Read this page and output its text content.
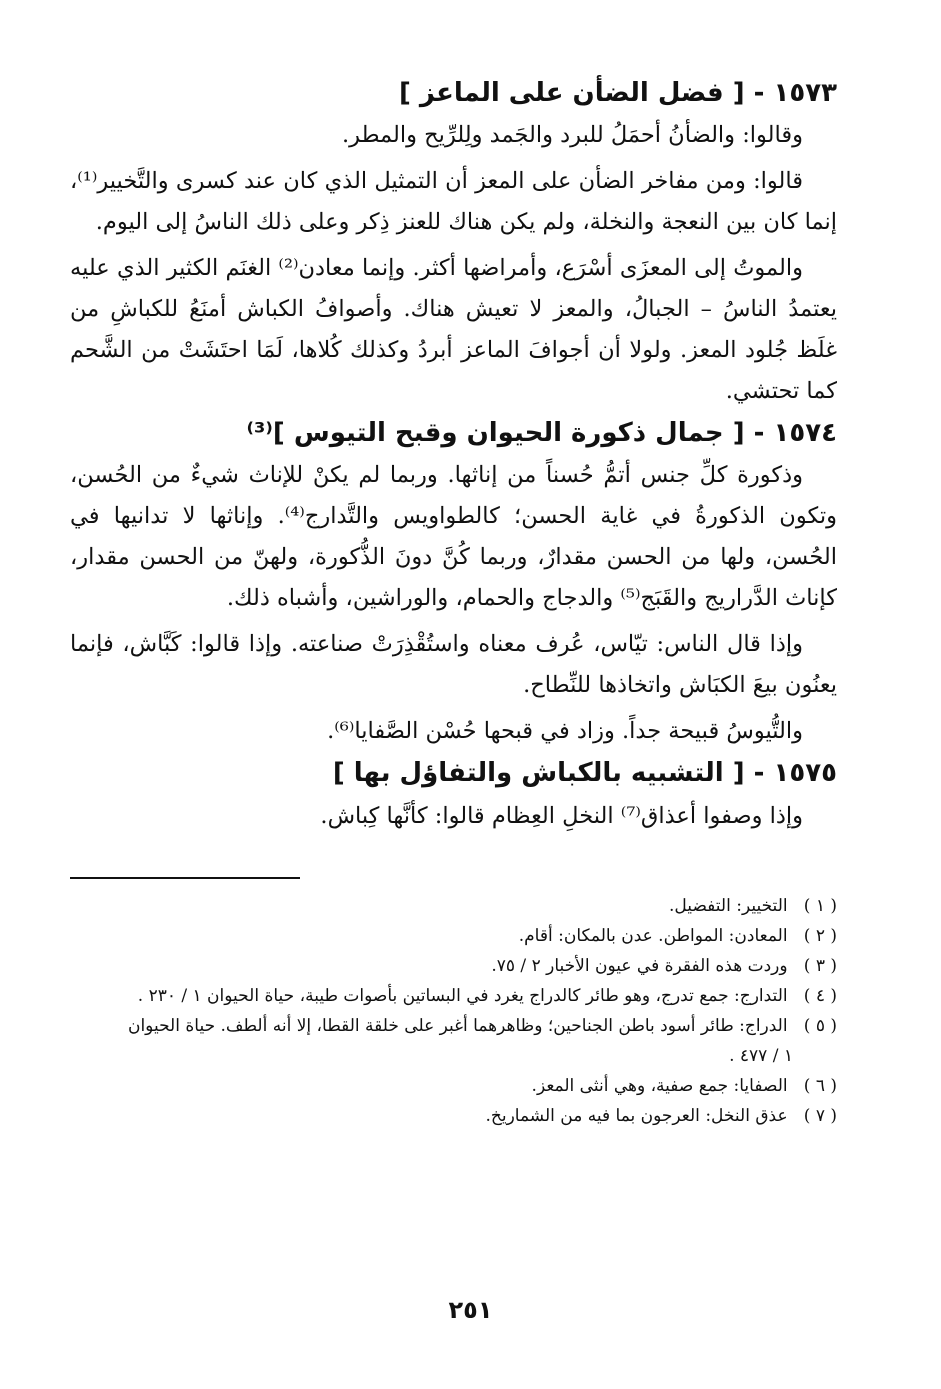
١٥٧٣ - [ فضل الضأن على الماعز ]

وقالوا: والضأنُ أحمَلُ للبرد والجَمد ولِلرِّيح والمطر.

قالوا: ومن مفاخر الضأن على المعز أن التمثيل الذي كان عند كسرى والتَّخيير⁽¹⁾، إنما كان بين النعجة والنخلة، ولم يكن هناك للعنز ذِكر وعلى ذلك الناسُ إلى اليوم.

والموتُ إلى المعزَى أسْرَع، وأمراضها أكثر. وإنما معادن⁽²⁾ الغنَم الكثير الذي عليه يعتمدُ الناسُ – الجبالُ، والمعز لا تعيش هناك. وأصوافُ الكباش أمنَعُ للكباشِ من غلَظ جُلود المعز. ولولا أن أجوافَ الماعز أبردُ وكذلك كُلاها، لَمَا احتَشَتْ من الشَّحم كما تحتشي.

١٥٧٤ - [ جمال ذكورة الحيوان وقبح التيوس ]⁽³⁾

وذكورة كلِّ جنس أتمُّ حُسناً من إناثها. وربما لم يكنْ للإناث شيءٌ من الحُسن، وتكون الذكورةُ في غاية الحسن؛ كالطواويس والتَّدارج⁽⁴⁾. وإناثها لا تدانيها في الحُسن، ولها من الحسن مقدارٌ، وربما كُنَّ دونَ الذُّكورة، ولهنّ من الحسن مقدار، كإناث الدَّراريج والقَبَج⁽⁵⁾ والدجاج والحمام، والوراشين، وأشباه ذلك.

وإذا قال الناس: تيّاس، عُرف معناه واستُقْذِرَتْ صناعته. وإذا قالوا: كَبَّاش، فإنما يعنُون بيعَ الكبَاش واتخاذها للنِّطاح.

والتُّيوسُ قبيحة جداً. وزاد في قبحها حُسْن الصَّفايا⁽⁶⁾.

١٥٧٥ - [ التشبيه بالكباش والتفاؤل بها ]

وإذا وصفوا أعذاق⁽⁷⁾ النخلِ العِظام قالوا: كأنَّها كِباش.

( ١ ) التخيير: التفضيل.
( ٢ ) المعادن: المواطن. عدن بالمكان: أقام.
( ٣ ) وردت هذه الفقرة في عيون الأخبار ٢ / ٧٥.
( ٤ ) التدارج: جمع تدرج، وهو طائر كالدراج يغرد في البساتين بأصوات طيبة، حياة الحيوان ١ / ٢٣٠ .
( ٥ ) الدراج: طائر أسود باطن الجناحين؛ وظاهرهما أغبر على خلقة القطا، إلا أنه ألطف. حياة الحيوان
١ / ٤٧٧ .
( ٦ ) الصفايا: جمع صفية، وهي أنثى المعز.
( ٧ ) عذق النخل: العرجون بما فيه من الشماريخ.
٢٥١
